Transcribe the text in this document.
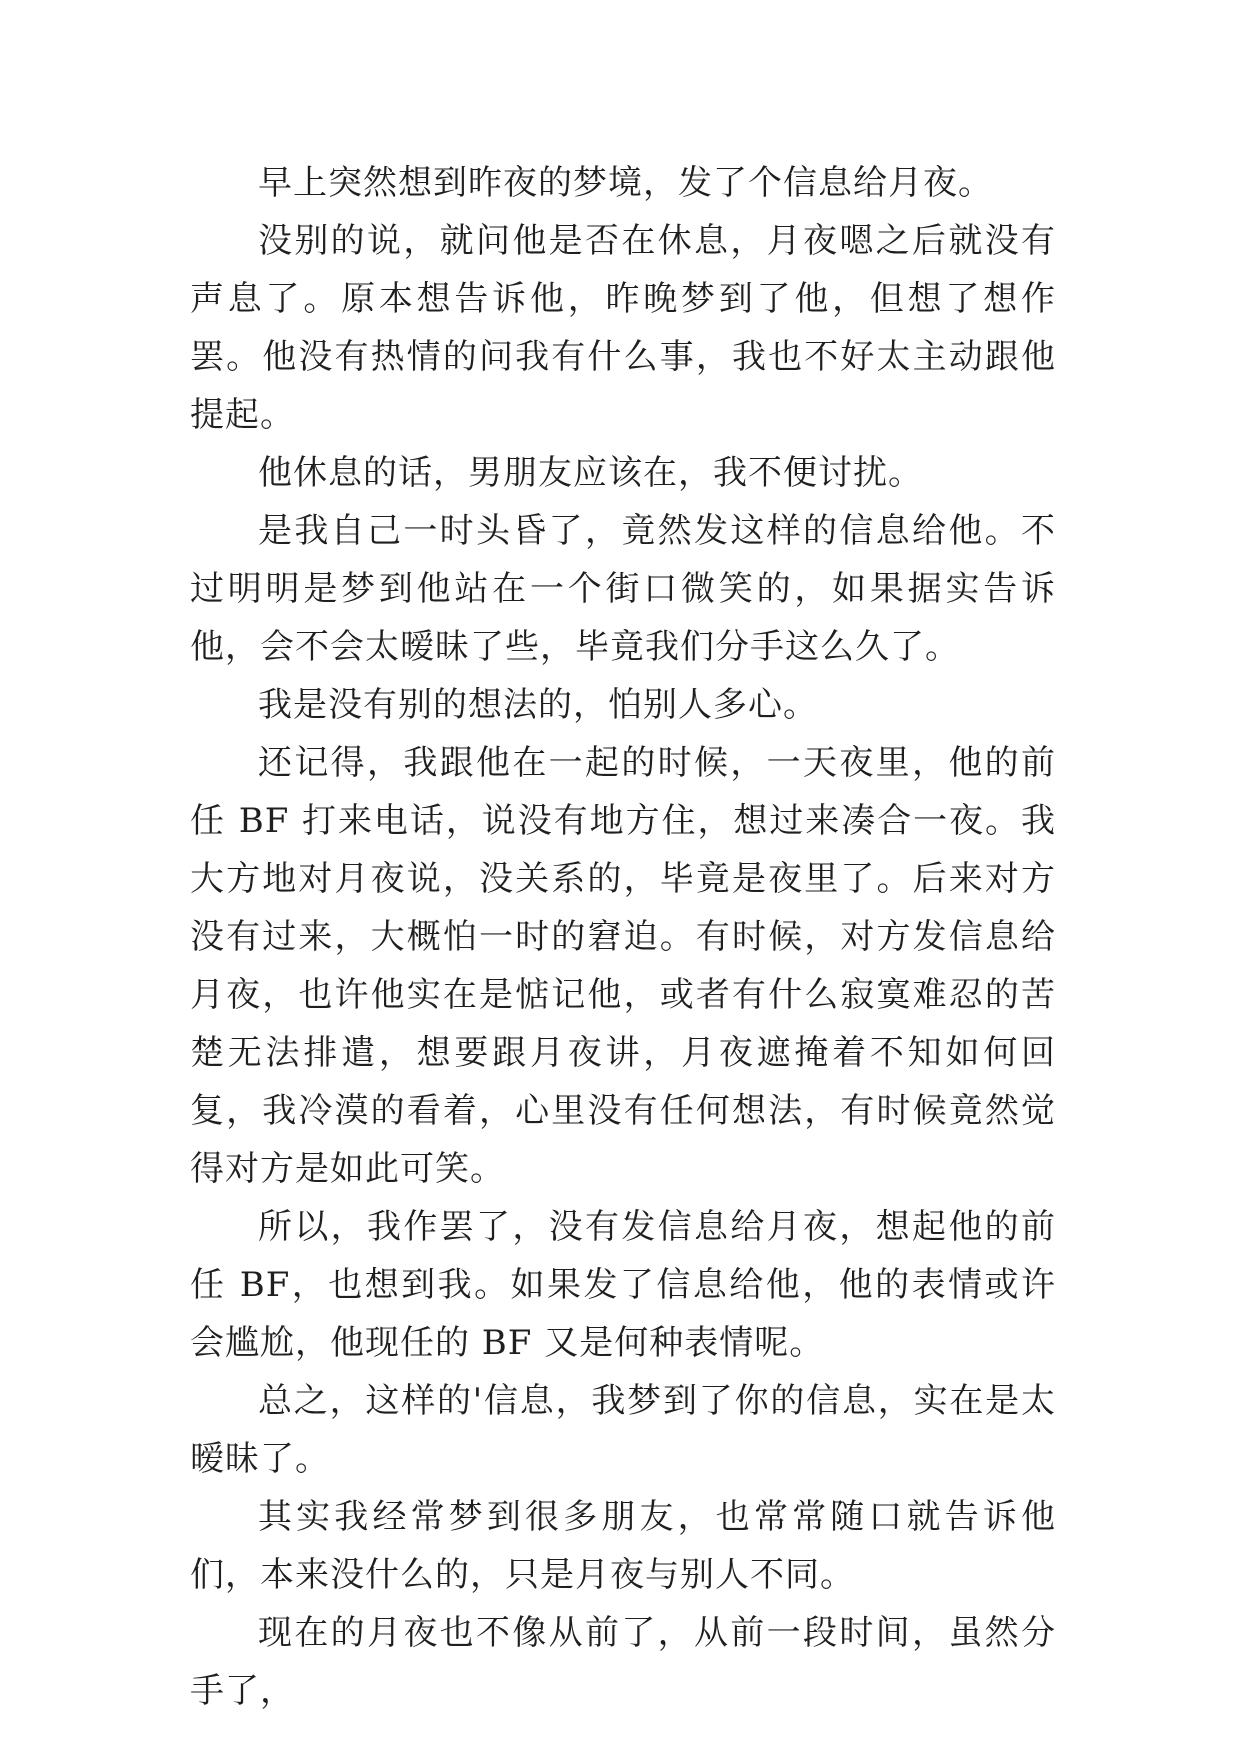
早上突然想到昨夜的梦境，发了个信息给月夜。

没别的说，就问他是否在休息，月夜嗯之后就没有声息了。原本想告诉他，昨晚梦到了他，但想了想作罢。他没有热情的问我有什么事，我也不好太主动跟他提起。

他休息的话，男朋友应该在，我不便讨扰。

是我自己一时头昏了，竟然发这样的信息给他。不过明明是梦到他站在一个街口微笑的，如果据实告诉他，会不会太暧昧了些，毕竟我们分手这么久了。

我是没有别的想法的，怕别人多心。

还记得，我跟他在一起的时候，一天夜里，他的前任 BF 打来电话，说没有地方住，想过来凑合一夜。我大方地对月夜说，没关系的，毕竟是夜里了。后来对方没有过来，大概怕一时的窘迫。有时候，对方发信息给月夜，也许他实在是惦记他，或者有什么寂寞难忍的苦楚无法排遣，想要跟月夜讲，月夜遮掩着不知如何回复，我冷漠的看着，心里没有任何想法，有时候竟然觉得对方是如此可笑。

所以，我作罢了，没有发信息给月夜，想起他的前任 BF，也想到我。如果发了信息给他，他的表情或许会尴尬，他现任的 BF 又是何种表情呢。

总之，这样的'信息，我梦到了你的信息，实在是太暧昧了。

其实我经常梦到很多朋友，也常常随口就告诉他们，本来没什么的，只是月夜与别人不同。

现在的月夜也不像从前了，从前一段时间，虽然分手了，
